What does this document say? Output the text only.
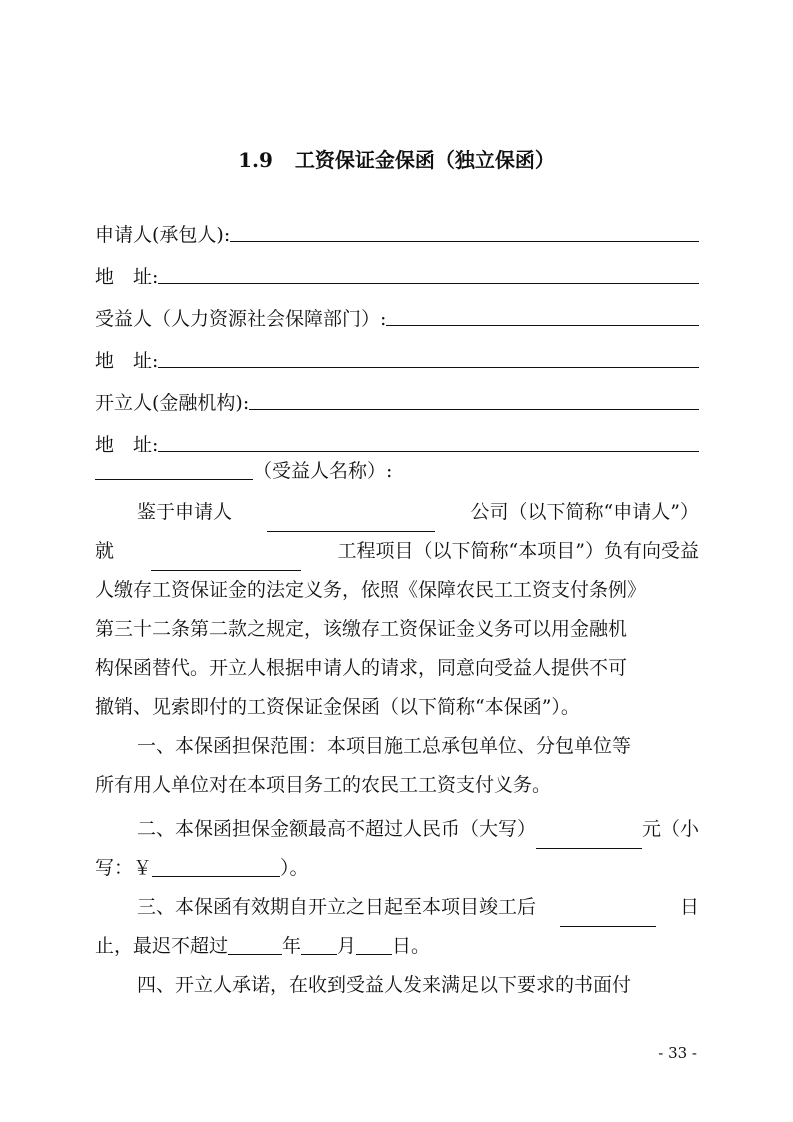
1.9 工资保证金保函（独立保函）
申请人(承包人):
地　址:
受益人（人力资源社会保障部门）:
地　址:
开立人(金融机构):
地　址:
（受益人名称）:
鉴于申请人	公司（以下简称“申请人”）
就	工程项目（以下简称“本项目”）负有向受益
人缴存工资保证金的法定义务，依照《保障农民工工资支付条例》
第三十二条第二款之规定，该缴存工资保证金义务可以用金融机
构保函替代。开立人根据申请人的请求，同意向受益人提供不可
撤销、见索即付的工资保证金保函（以下简称“本保函”）。
一、本保函担保范围：本项目施工总承包单位、分包单位等
所有用人单位对在本项目务工的农民工工资支付义务。
二、本保函担保金额最高不超过人民币（大写）	元（小
写：￥	）。
三、本保函有效期自开立之日起至本项目竣工后	日
止，最迟不超过	年 月 日。
四、开立人承诺，在收到受益人发来满足以下要求的书面付
- 33 -
